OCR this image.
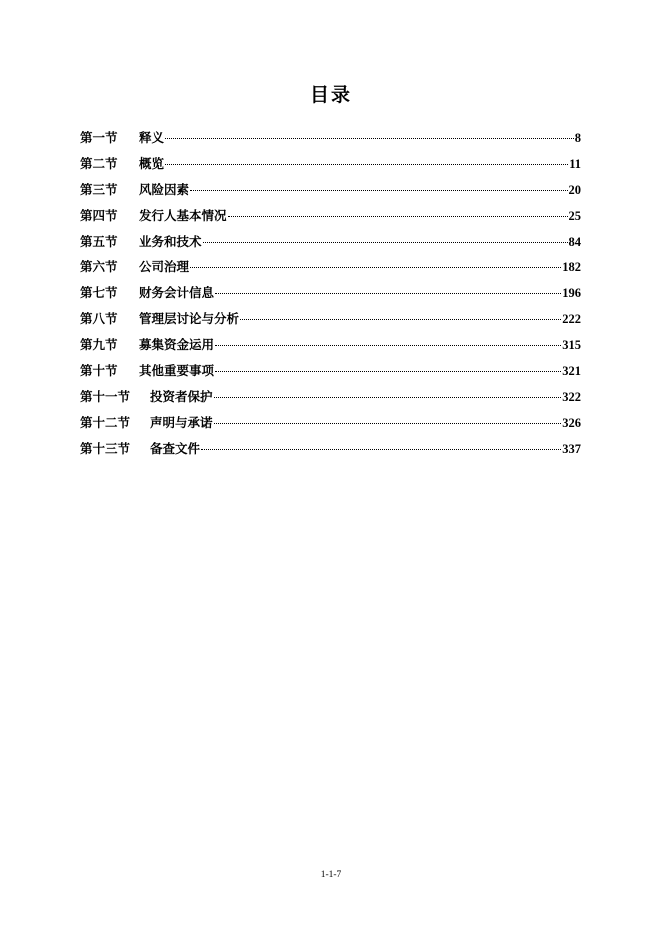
目录
第一节	释义	8
第二节	概览	11
第三节	风险因素	20
第四节	发行人基本情况	25
第五节	业务和技术	84
第六节	公司治理	182
第七节	财务会计信息	196
第八节	管理层讨论与分析	222
第九节	募集资金运用	315
第十节	其他重要事项	321
第十一节	投资者保护	322
第十二节	声明与承诺	326
第十三节	备查文件	337
1-1-7
